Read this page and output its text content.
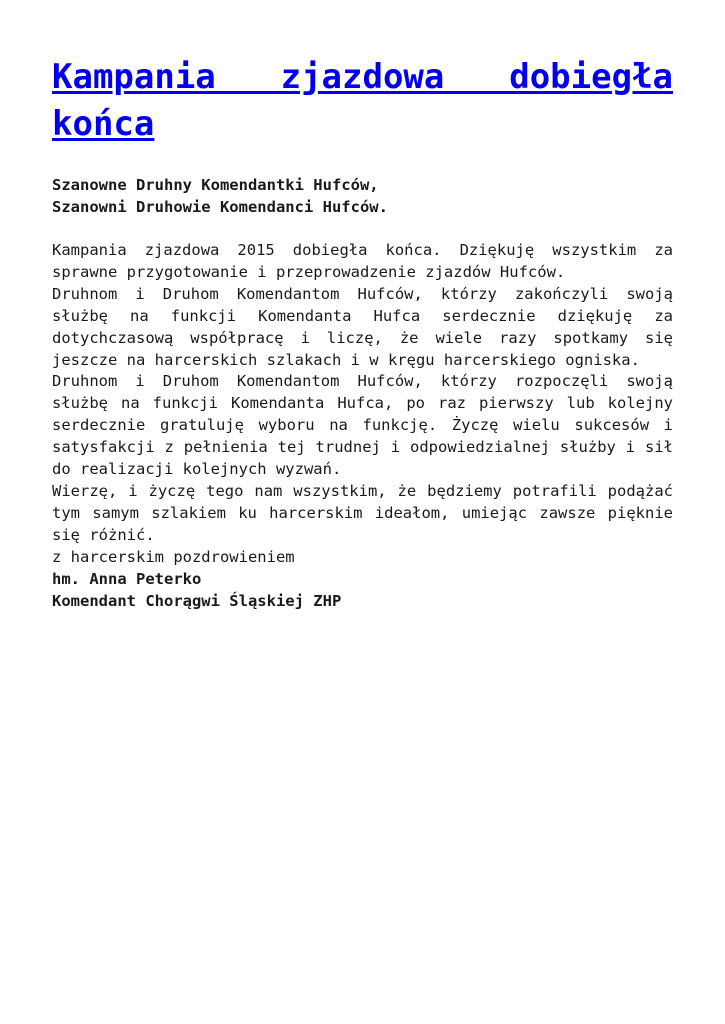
Kampania zjazdowa dobiegła końca

Szanowne Druhny Komendantki Hufców,
Szanowni Druhowie Komendanci Hufców.

Kampania zjazdowa 2015 dobiegła końca. Dziękuję wszystkim za sprawne przygotowanie i przeprowadzenie zjazdów Hufców.
Druhnom i Druhom Komendantom Hufców, którzy zakończyli swoją służbę na funkcji Komendanta Hufca serdecznie dziękuję za dotychczasową współpracę i liczę, że wiele razy spotkamy się jeszcze na harcerskich szlakach i w kręgu harcerskiego ogniska.
Druhnom i Druhom Komendantom Hufców, którzy rozpoczęli swoją służbę na funkcji Komendanta Hufca, po raz pierwszy lub kolejny serdecznie gratuluję wyboru na funkcję. Życzę wielu sukcesów i satysfakcji z pełnienia tej trudnej i odpowiedzialnej służby i sił do realizacji kolejnych wyzwań.
Wierzę, i życzę tego nam wszystkim, że będziemy potrafili podążać tym samym szlakiem ku harcerskim ideałom, umiejąc zawsze pięknie się różnić.

z harcerskim pozdrowieniem
hm. Anna Peterko
Komendant Chorągwi Śląskiej ZHP
